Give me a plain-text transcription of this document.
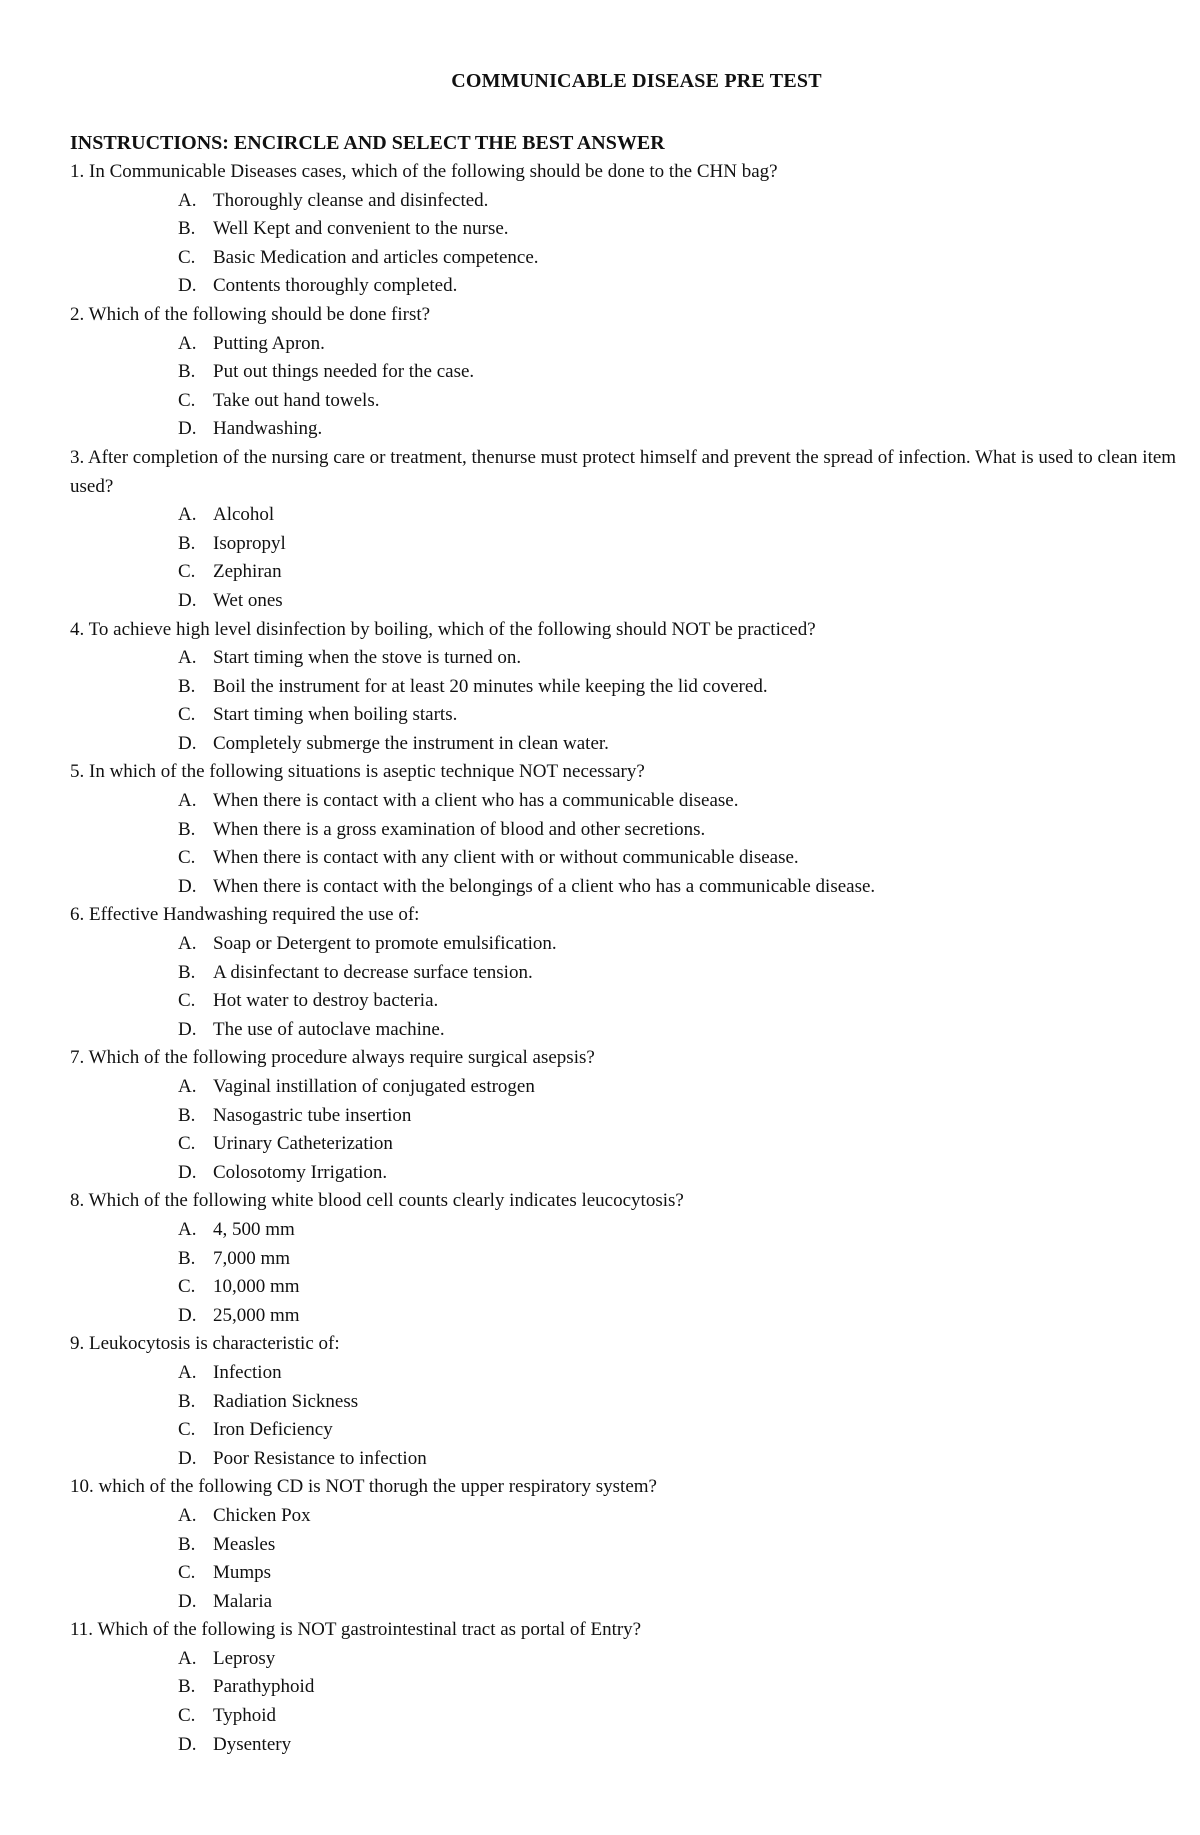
COMMUNICABLE DISEASE PRE TEST
INSTRUCTIONS: ENCIRCLE AND SELECT THE BEST ANSWER
1. In Communicable Diseases cases, which of the following should be done to the CHN bag?
A. Thoroughly cleanse and disinfected.
B. Well Kept and convenient to the nurse.
C. Basic Medication and articles competence.
D. Contents thoroughly completed.
2. Which of the following should be done first?
A. Putting Apron.
B. Put out things needed for the case.
C. Take out hand towels.
D. Handwashing.
3. After completion of the nursing care or treatment, thenurse must protect himself and prevent the spread of infection. What is used to clean item used?
A. Alcohol
B. Isopropyl
C. Zephiran
D. Wet ones
4. To achieve high level disinfection by boiling, which of the following should NOT be practiced?
A. Start timing when the stove is turned on.
B. Boil the instrument for at least 20 minutes while keeping the lid covered.
C. Start timing when boiling starts.
D. Completely submerge the instrument in clean water.
5. In which of the following situations is aseptic technique NOT necessary?
A. When there is contact with a client who has a communicable disease.
B. When there is a gross examination of blood and other secretions.
C. When there is contact with any client with or without communicable disease.
D. When there is contact with the belongings of a client who has a communicable disease.
6. Effective Handwashing required the use of:
A. Soap or Detergent to promote emulsification.
B. A disinfectant to decrease surface tension.
C. Hot water to destroy bacteria.
D. The use of autoclave machine.
7. Which of the following procedure always require surgical asepsis?
A. Vaginal instillation of conjugated estrogen
B. Nasogastric tube insertion
C. Urinary Catheterization
D. Colosotomy Irrigation.
8. Which of the following white blood cell counts clearly indicates leucocytosis?
A. 4, 500 mm
B. 7,000 mm
C. 10,000 mm
D. 25,000 mm
9. Leukocytosis is characteristic of:
A. Infection
B. Radiation Sickness
C. Iron Deficiency
D. Poor Resistance to infection
10. which of the following CD is NOT thorugh the upper respiratory system?
A. Chicken Pox
B. Measles
C. Mumps
D. Malaria
11. Which of the following is NOT gastrointestinal tract as portal of Entry?
A. Leprosy
B. Parathyphoid
C. Typhoid
D. Dysentery
